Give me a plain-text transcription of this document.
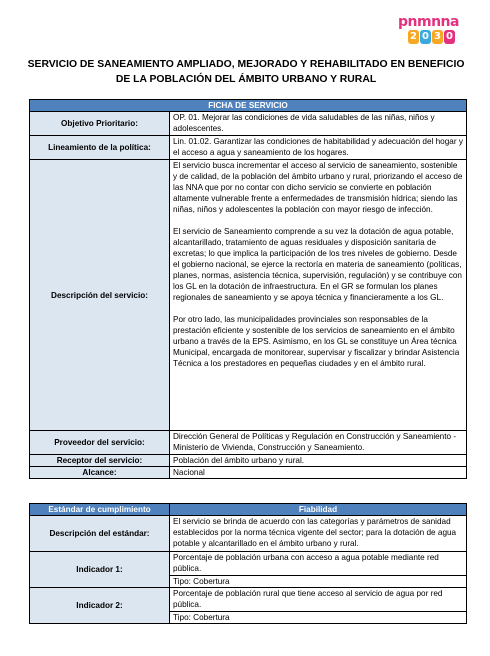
pnmnna
2 0 3 0
SERVICIO DE SANEAMIENTO AMPLIADO, MEJORADO Y REHABILITADO EN BENEFICIO DE LA POBLACIÓN DEL ÁMBITO URBANO Y RURAL
FICHA DE SERVICIO	
Objetivo Prioritario:	OP. 01. Mejorar las condiciones de vida saludables de las niñas, niños y adolescentes.
Lineamiento de la política:	Lin. 01.02. Garantizar las condiciones de habitabilidad y adecuación del hogar y el acceso a agua y saneamiento de los hogares.
Descripción del servicio:	El servicio busca incrementar el acceso al servicio de saneamiento, sostenible y de calidad, de la población del ámbito urbano y rural, priorizando el acceso de las NNA que por no contar con dicho servicio se convierte en población altamente vulnerable frente a enfermedades de transmisión hídrica; siendo las niñas, niños y adolescentes la población con mayor riesgo de infección.

El servicio de Saneamiento comprende a su vez la dotación de agua potable, alcantarillado, tratamiento de aguas residuales y disposición sanitaria de excretas; lo que implica la participación de los tres niveles de gobierno. Desde el gobierno nacional, se ejerce la rectoría en materia de saneamiento (políticas, planes, normas, asistencia técnica, supervisión, regulación) y se contribuye con los GL en la dotación de infraestructura. En el GR se formulan los planes regionales de saneamiento y se apoya técnica y financieramente a los GL.

Por otro lado, las municipalidades provinciales son responsables de la prestación eficiente y sostenible de los servicios de saneamiento en el ámbito urbano a través de la EPS. Asimismo, en los GL se constituye un Área técnica Municipal, encargada de monitorear, supervisar y fiscalizar y brindar Asistencia Técnica a los prestadores en pequeñas ciudades y en el ámbito rural.

Proveedor del servicio:	Dirección General de Políticas y Regulación en Construcción y Saneamiento - Ministerio de Vivienda, Construcción y Saneamiento.
Receptor del servicio:	Población del ámbito urbano y rural.
Alcance:	Nacional
Estándar de cumplimiento	Fiabilidad
Descripción del estándar:	El servicio se brinda de acuerdo con las categorías y parámetros de sanidad establecidos por la norma técnica vigente del sector; para la dotación de agua potable y alcantarillado en el ámbito urbano y rural.
Indicador 1:	Porcentaje de población urbana con acceso a agua potable mediante red pública.
	Tipo: Cobertura
Indicador 2:	Porcentaje de población rural que tiene acceso al servicio de agua por red pública.
	Tipo: Cobertura
